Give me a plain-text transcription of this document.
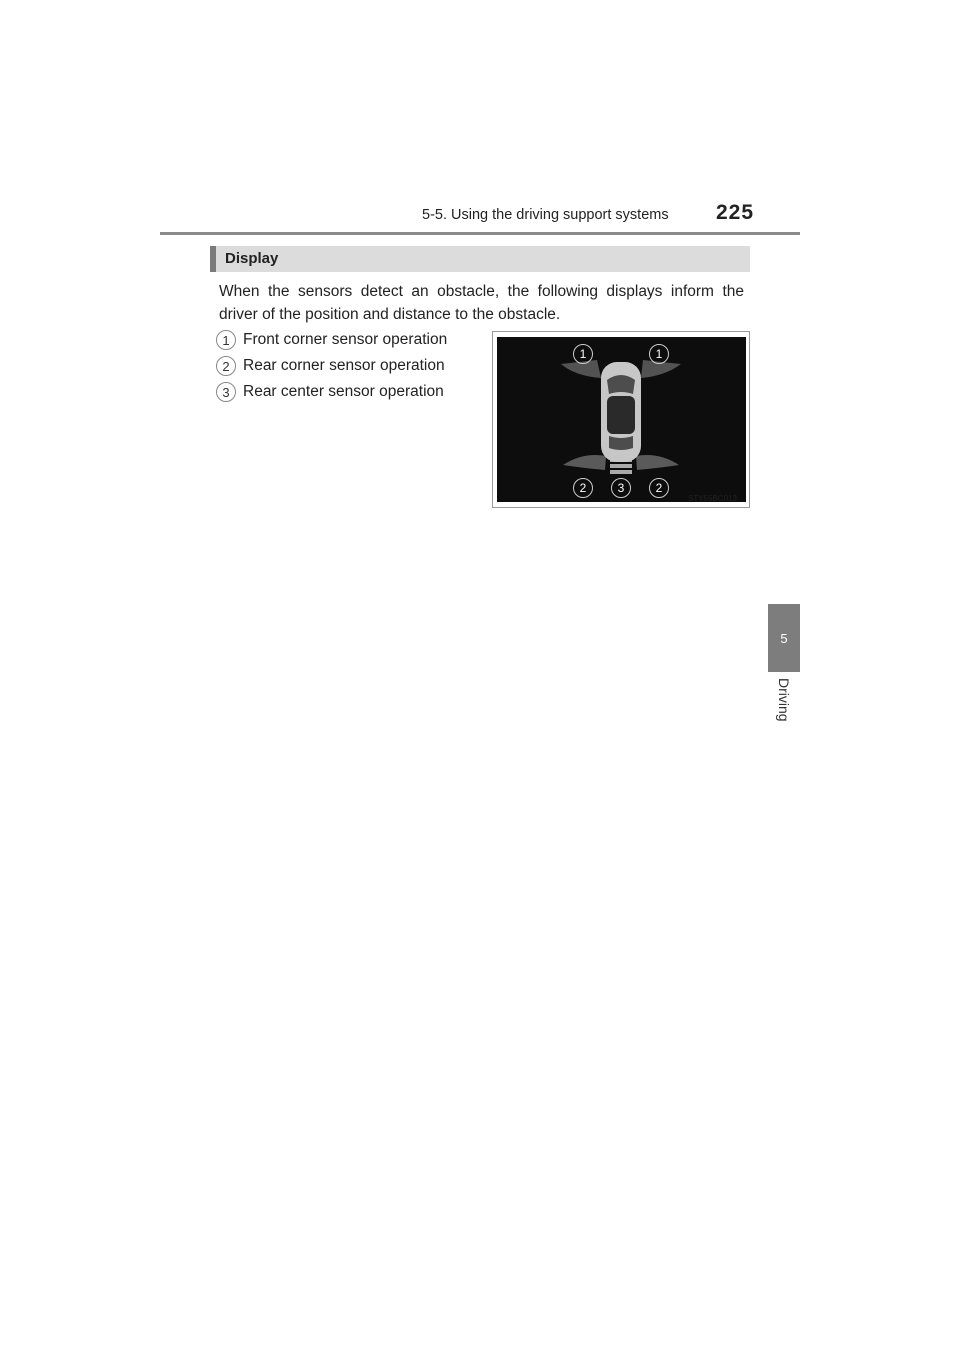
5-5. Using the driving support systems 225
5
Driving
Display
When the sensors detect an obstacle, the following displays inform the driver of the position and distance to the obstacle.
1 Front corner sensor operation
2 Rear corner sensor operation
3 Rear center sensor operation
1	1
2	3	2
STY55BC013
